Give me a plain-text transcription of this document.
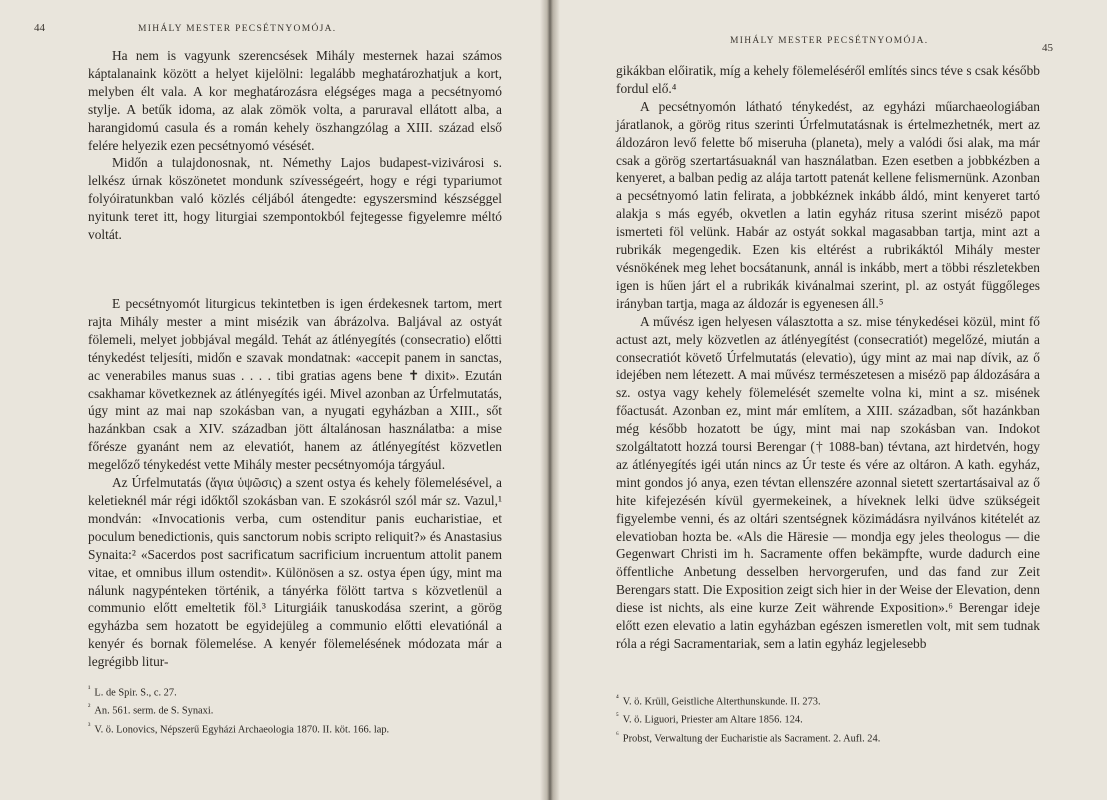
44	MIHÁLY MESTER PECSÉTNYOMÓJA.

Ha nem is vagyunk szerencsések Mihály mesternek hazai számos káptalanaink között a helyet kijelölni: legalább meghatározhatjuk a kort, melyben élt vala. A kor meghatározásra elégséges maga a pecsétnyomó stylje. A betűk idoma, az alak zömök volta, a paruraval ellátott alba, a harangidomú casula és a román kehely öszhangzólag a XIII. század első felére helyezik ezen pecsétnyomó vésését.

Midőn a tulajdonosnak, nt. Némethy Lajos budapest-vizivárosi s. lelkész úrnak köszönetet mondunk szívességeért, hogy e régi typariumot folyóiratunkban való közlés céljából átengedte: egyszersmind készséggel nyitunk teret itt, hogy liturgiai szempontokból fejtegesse figyelemre méltó voltát.

E pecsétnyomót liturgicus tekintetben is igen érdekesnek tartom, mert rajta Mihály mester a mint misézik van ábrázolva. Baljával az ostyát fölemeli, melyet jobbjával megáld. Tehát az átlényegítés (consecratio) előtti ténykedést teljesíti, midőn e szavak mondatnak: «accepit panem in sanctas, ac venerabiles manus suas . . . . tibi gratias agens bene ✝ dixit». Ezután csakhamar következnek az átlényegítés igéi. Mivel azonban az Úrfelmutatás, úgy mint az mai nap szokásban van, a nyugati egyházban a XIII., sőt hazánkban csak a XIV. században jött általánosan használatba: a mise főrésze gyanánt nem az elevatiót, hanem az átlényegítést közvetlen megelőző ténykedést vette Mihály mester pecsétnyomója tárgyául.

Az Úrfelmutatás (ἅγια ὑψῶσις) a szent ostya és kehely fölemelésével, a keletieknél már régi időktől szokásban van. E szokásról szól már sz. Vazul,¹ mondván: «Invocationis verba, cum ostenditur panis eucharistiae, et poculum benedictionis, quis sanctorum nobis scripto reliquit?» és Anastasius Synaita:² «Sacerdos post sacrificatum sacrificium incruentum attolit panem vitae, et omnibus illum ostendit». Különösen a sz. ostya épen úgy, mint ma nálunk nagypénteken történik, a tányérka fölött tartva s közvetlenül a communio előtt emeltetik föl.³ Liturgiáik tanuskodása szerint, a görög egyházba sem hozatott be egyidejüleg a communio előtti elevatiónál a kenyér és bornak fölemelése. A kenyér fölemelésének módozata már a legrégibb litur-

$^{^1}$ L. de Spir. S., c. 27.
$^{^2}$ An. 561. serm. de S. Synaxi.
$^{^3}$ V. ö. Lonovics, Népszerű Egyházi Archaeologia 1870. II. köt. 166. lap.
MIHÁLY MESTER PECSÉTNYOMÓJA.
45

gikákban előiratik, míg a kehely fölemeléséről említés sincs téve s csak később fordul elő.⁴

A pecsétnyomón látható ténykedést, az egyházi műarchaeologiában járatlanok, a görög ritus szerinti Úrfelmutatásnak is értelmezhetnék, mert az áldozáron levő felette bő miseruha (planeta), mely a valódi ősi alak, ma már csak a görög szertartásuaknál van használatban. Ezen esetben a jobbkézben a kenyeret, a balban pedig az alája tartott patenát kellene felismernünk. Azonban a pecsétnyomó latin feliratа, a jobbkéznek inkább áldó, mint kenyeret tartó alakja s más egyéb, okvetlen a latin egyház ritusa szerint misézö papot ismerteti föl velünk. Habár az ostyát sokkal magasabban tartja, mint azt a rubrikák megengedik. Ezen kis eltérést a rubrikáktól Mihály mester vésnökének meg lehet bocsátanunk, annál is inkább, mert a többi részletekben igen is hűen járt el a rubrikák kivánalmai szerint, pl. az ostyát függőleges irányban tartja, maga az áldozár is egyenesen áll.⁵

A művész igen helyesen választotta a sz. mise ténykedései közül, mint fő actust azt, mely közvetlen az átlényegítést (consecratiót) megelőzé, miután a consecratiót követő Úrfelmutatás (elevatio), úgy mint az mai nap dívik, az ő idejében nem létezett. A mai művész természetesen a misézö pap áldozására a sz. ostya vagy kehely fölemelését szemelte volna ki, mint a sz. misének főactusát. Azonban ez, mint már említem, a XIII. században, sőt hazánkban még később hozatott be úgy, mint mai nap szokásban van. Indokot szolgáltatott hozzá toursi Berengar († 1088-ban) tévtana, azt hirdetvén, hogy az átlényegítés igéi után nincs az Úr teste és vére az oltáron. A kath. egyház, mint gondos jó anya, ezen tévtan ellenszére azonnal sietett szertartásaival az ő hite kifejezésén kívül gyermekeinek, a híveknek lelki üdve szükségeit figyelembe venni, és az oltári szentségnek közimádásra nyilvános kitételét az elevatioban hozta be. «Als die Häresie — mondja egy jeles theologus — die Gegenwart Christi im h. Sacramente offen bekämpfte, wurde dadurch eine öffentliche Anbetung desselben hervorgerufen, und das fand zur Zeit Berengars statt. Die Exposition zeigt sich hier in der Weise der Elevation, denn diese ist nichts, als eine kurze Zeit währende Exposition».⁶ Berengar ideje előtt ezen elevatio a latin egyházban egészen ismeretlen volt, mit sem tudnak róla a régi Sacramentariak, sem a latin egyház legjelesebb

$^{^4}$ V. ö. Krüll, Geistliche Alterthunskunde. II. 273.
$^{^5}$ V. ö. Liguori, Priester am Altare 1856. 124.
$^{^6}$ Probst, Verwaltung der Eucharistie als Sacrament. 2. Aufl. 24.
